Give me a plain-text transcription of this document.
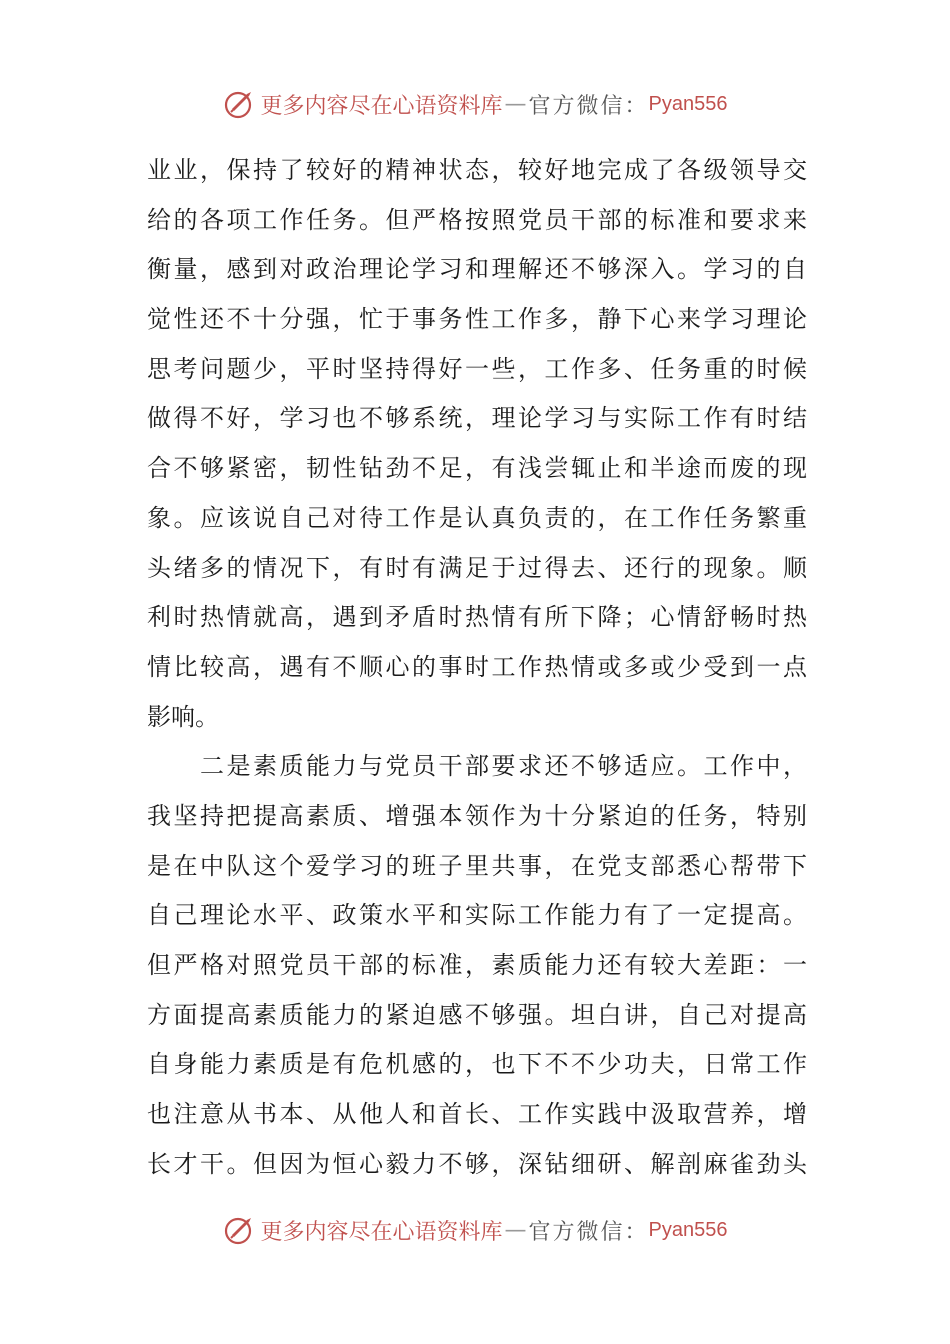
更多内容尽在心语资料库 — 官方微信： Pyan556
业业，保持了较好的精神状态，较好地完成了各级领导交
给的各项工作任务。但严格按照党员干部的标准和要求来
衡量，感到对政治理论学习和理解还不够深入。学习的自
觉性还不十分强，忙于事务性工作多，静下心来学习理论
思考问题少，平时坚持得好一些，工作多、任务重的时候
做得不好，学习也不够系统，理论学习与实际工作有时结
合不够紧密，韧性钻劲不足，有浅尝辄止和半途而废的现
象。应该说自己对待工作是认真负责的，在工作任务繁重
头绪多的情况下，有时有满足于过得去、还行的现象。顺
利时热情就高，遇到矛盾时热情有所下降；心情舒畅时热
情比较高，遇有不顺心的事时工作热情或多或少受到一点
影响。
　　二是素质能力与党员干部要求还不够适应。工作中，
我坚持把提高素质、增强本领作为十分紧迫的任务，特别
是在中队这个爱学习的班子里共事，在党支部悉心帮带下
自己理论水平、政策水平和实际工作能力有了一定提高。
但严格对照党员干部的标准，素质能力还有较大差距：一
方面提高素质能力的紧迫感不够强。坦白讲，自己对提高
自身能力素质是有危机感的，也下不不少功夫，日常工作
也注意从书本、从他人和首长、工作实践中汲取营养，增
长才干。但因为恒心毅力不够，深钻细研、解剖麻雀劲头
更多内容尽在心语资料库 — 官方微信： Pyan556
